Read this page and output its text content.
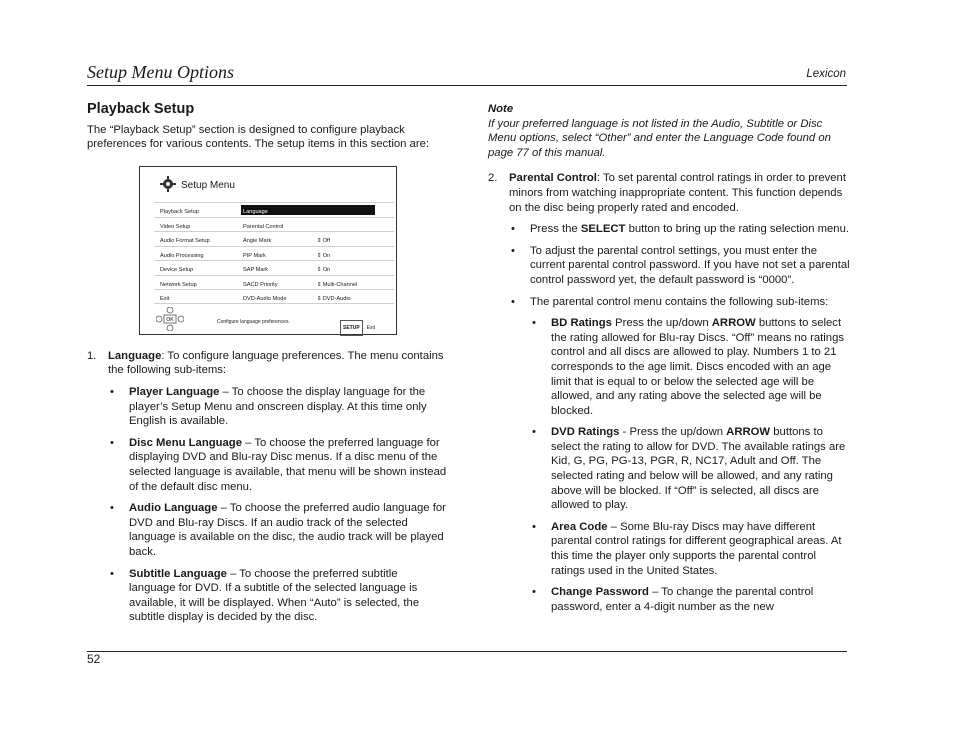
Setup Menu Options	Lexicon
Playback Setup

The “Playback Setup” section is designed to configure playback preferences for various contents. The setup items in this section are:

Setup Menu
Playback Setup	Language
Video Setup	Parental Control
Audio Format Setup	Angle Mark	⇕Off
Audio Processing	PIP Mark	⇕On
Device Setup	SAP Mark	⇕On
Network Setup	SACD Priority	⇕Multi-Channel
Exit	DVD-Audio Mode	⇕DVD-Audio
OK	Configure language preferences.
SETUP	Exit
1. Language: To configure language preferences. The menu contains the following sub-items:
• Player Language – To choose the display language for the player’s Setup Menu and onscreen display. At this time only English is available.
• Disc Menu Language – To choose the preferred language for displaying DVD and Blu-ray Disc menus. If a disc menu of the selected language is available, that menu will be shown instead of the default disc menu.
• Audio Language – To choose the preferred audio language for DVD and Blu-ray Discs. If an audio track of the selected language is available on the disc, the audio track will be played back.
• Subtitle Language – To choose the preferred subtitle language for DVD. If a subtitle of the selected language is available, it will be displayed. When “Auto” is selected, the subtitle display is decided by the disc.
Note

If your preferred language is not listed in the Audio, Subtitle or Disc Menu options, select “Other” and enter the Language Code found on page 77 of this manual.

2. Parental Control: To set parental control ratings in order to prevent minors from watching inappropriate content. This function depends on the disc being properly rated and encoded.
• Press the SELECT button to bring up the rating selection menu.
• To adjust the parental control settings, you must enter the current parental control password. If you have not set a parental control password yet, the default password is “0000”.
• The parental control menu contains the following sub-items:
• BD Ratings Press the up/down ARROW buttons to select the rating allowed for Blu-ray Discs. “Off” means no ratings control and all discs are allowed to play. Numbers 1 to 21 corresponds to the age limit. Discs encoded with an age limit that is equal to or below the selected age will be allowed, and any rating above the selected age will be blocked.
• DVD Ratings - Press the up/down ARROW buttons to select the rating to allow for DVD. The available ratings are Kid, G, PG, PG-13, PGR, R, NC17, Adult and Off. The selected rating and below will be allowed, and any rating above will be blocked. If “Off” is selected, all discs are allowed to play.
• Area Code – Some Blu-ray Discs may have different parental control ratings for different geographical areas. At this time the player only supports the parental control ratings used in the United States.
• Change Password – To change the parental control password, enter a 4-digit number as the new
52
